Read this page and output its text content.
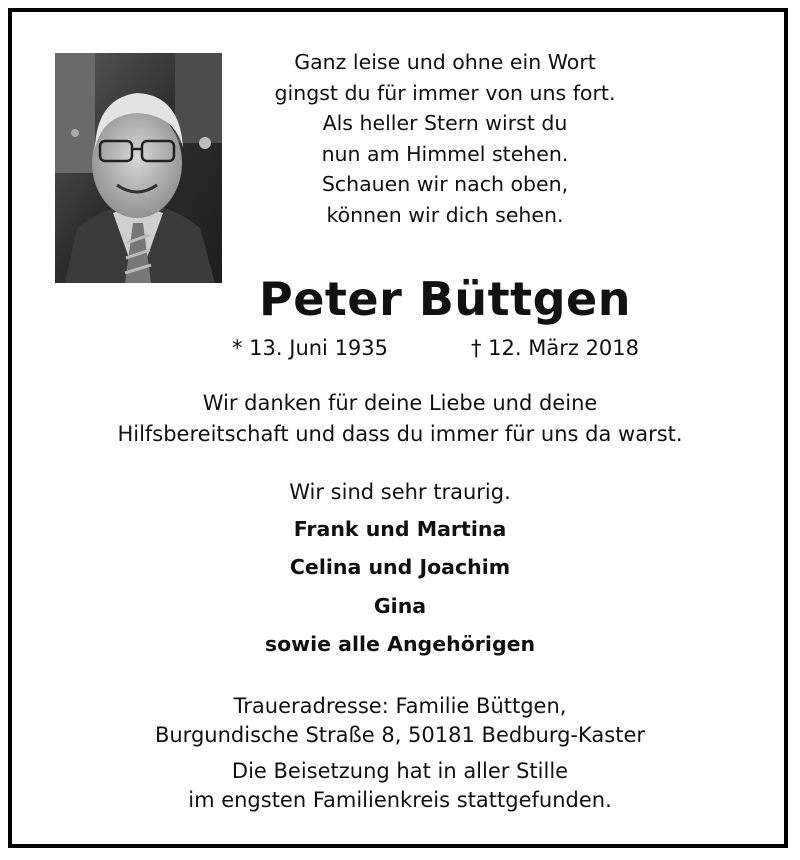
Ganz leise und ohne ein Wort
gingst du für immer von uns fort.
Als heller Stern wirst du
nun am Himmel stehen.
Schauen wir nach oben,
können wir dich sehen.
Peter Büttgen
* 13. Juni 1935	† 12. März 2018
Wir danken für deine Liebe und deine
Hilfsbereitschaft und dass du immer für uns da warst.
Wir sind sehr traurig.
Frank und Martina
Celina und Joachim
Gina
sowie alle Angehörigen
Traueradresse: Familie Büttgen,
Burgundische Straße 8, 50181 Bedburg-Kaster
Die Beisetzung hat in aller Stille
im engsten Familienkreis stattgefunden.
